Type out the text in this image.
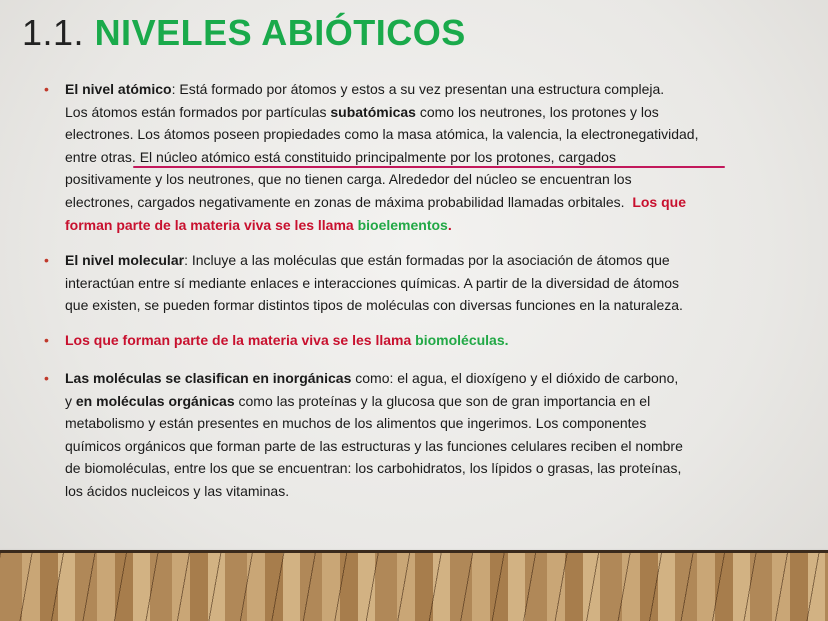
1.1. NIVELES ABIÓTICOS
• El nivel atómico: Está formado por átomos y estos a su vez presentan una estructura compleja.
Los átomos están formados por partículas subatómicas como los neutrones, los protones y los
electrones. Los átomos poseen propiedades como la masa atómica, la valencia, la electronegatividad,
entre otras. El núcleo atómico está constituido principalmente por los protones, cargados
positivamente y los neutrones, que no tienen carga. Alrededor del núcleo se encuentran los
electrones, cargados negativamente en zonas de máxima probabilidad llamadas orbitales.  Los que
forman parte de la materia viva se les llama bioelementos.
• El nivel molecular: Incluye a las moléculas que están formadas por la asociación de átomos que
interactúan entre sí mediante enlaces e interacciones químicas. A partir de la diversidad de átomos
que existen, se pueden formar distintos tipos de moléculas con diversas funciones en la naturaleza.
• Los que forman parte de la materia viva se les llama biomoléculas.
• Las moléculas se clasifican en inorgánicas como: el agua, el dioxígeno y el dióxido de carbono,
y en moléculas orgánicas como las proteínas y la glucosa que son de gran importancia en el
metabolismo y están presentes en muchos de los alimentos que ingerimos. Los componentes
químicos orgánicos que forman parte de las estructuras y las funciones celulares reciben el nombre
de biomoléculas, entre los que se encuentran: los carbohidratos, los lípidos o grasas, las proteínas,
los ácidos nucleicos y las vitaminas.
